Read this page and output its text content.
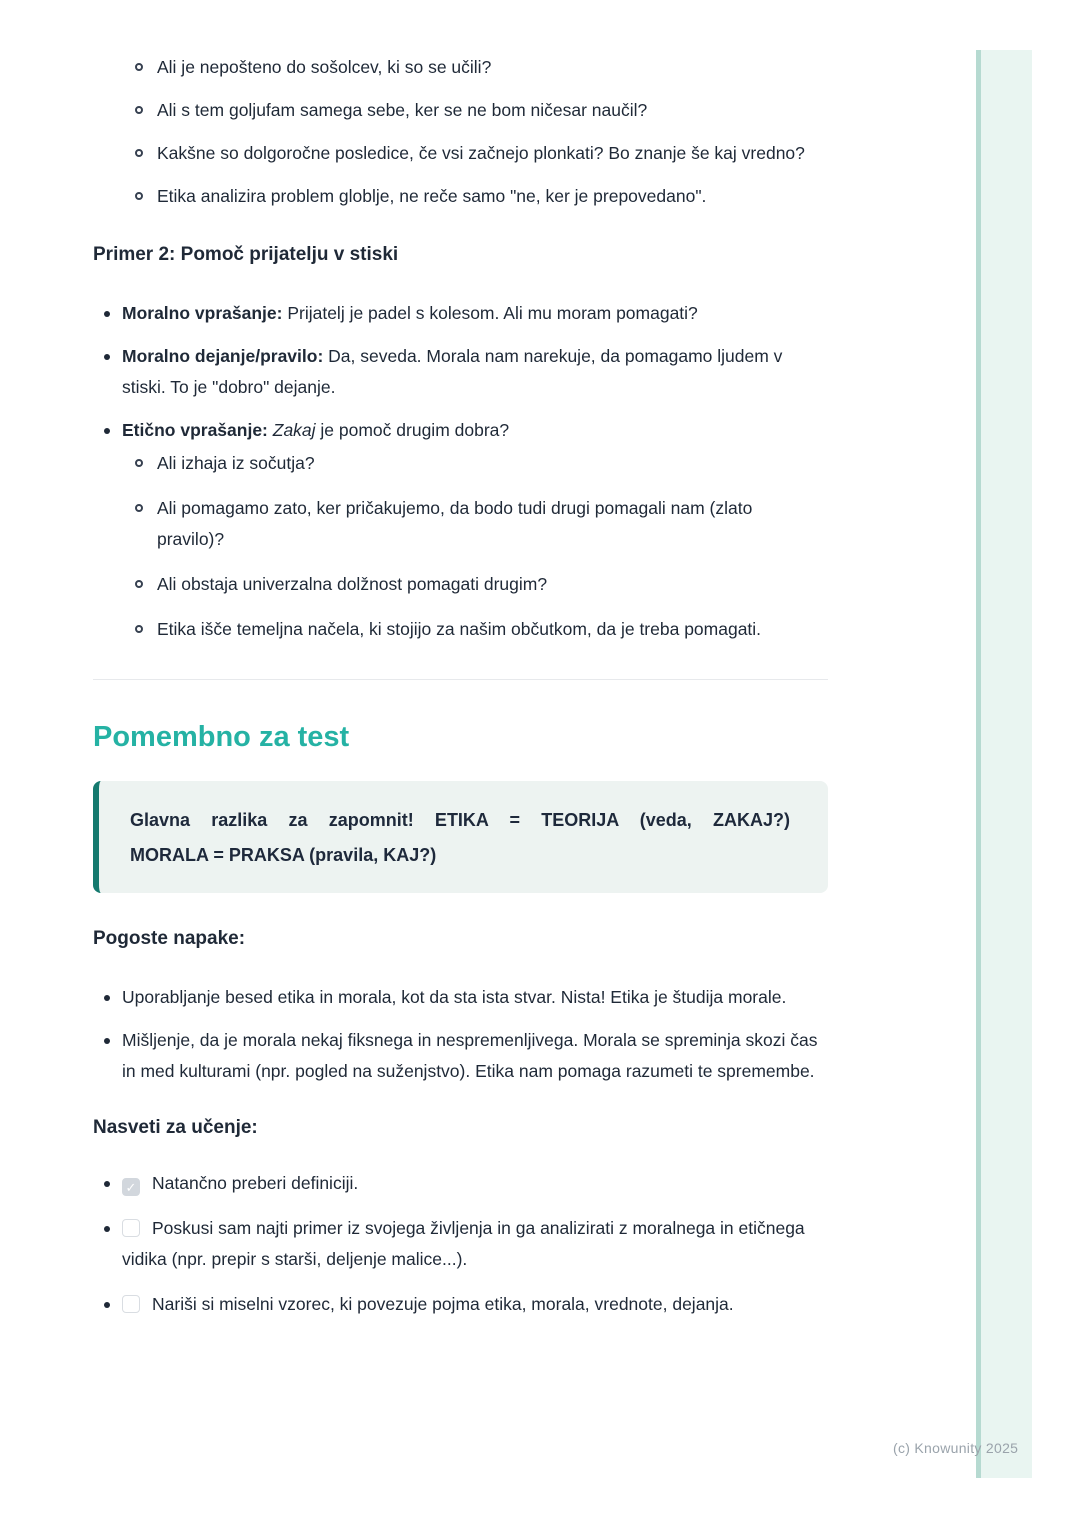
(c) Knowunity 2025

Ali je nepošteno do sošolcev, ki so se učili?

Ali s tem goljufam samega sebe, ker se ne bom ničesar naučil?

Kakšne so dolgoročne posledice, če vsi začnejo plonkati? Bo znanje še kaj vredno?

Etika analizira problem globlje, ne reče samo "ne, ker je prepovedano".

Primer 2: Pomoč prijatelju v stiski

Moralno vprašanje: Prijatelj je padel s kolesom. Ali mu moram pomagati?

Moralno dejanje/pravilo: Da, seveda. Morala nam narekuje, da pomagamo ljudem v stiski. To je "dobro" dejanje.

Etično vprašanje: Zakaj je pomoč drugim dobra?

Ali izhaja iz sočutja?

Ali pomagamo zato, ker pričakujemo, da bodo tudi drugi pomagali nam (zlato pravilo)?

Ali obstaja univerzalna dolžnost pomagati drugim?

Etika išče temeljna načela, ki stojijo za našim občutkom, da je treba pomagati.

Pomembno za test

Glavna razlika za zapomnit! ETIKA = TEORIJA (veda, ZAKAJ?)

MORALA = PRAKSA (pravila, KAJ?)

Pogoste napake:

Uporabljanje besed etika in morala, kot da sta ista stvar. Nista! Etika je študija morale.

Mišljenje, da je morala nekaj fiksnega in nespremenljivega. Morala se spreminja skozi čas in med kulturami (npr. pogled na suženjstvo). Etika nam pomaga razumeti te spremembe.

Nasveti za učenje:

✓ Natančno preberi definiciji.

Poskusi sam najti primer iz svojega življenja in ga analizirati z moralnega in etičnega vidika (npr. prepir s starši, deljenje malice...).

Nariši si miselni vzorec, ki povezuje pojma etika, morala, vrednote, dejanja.
